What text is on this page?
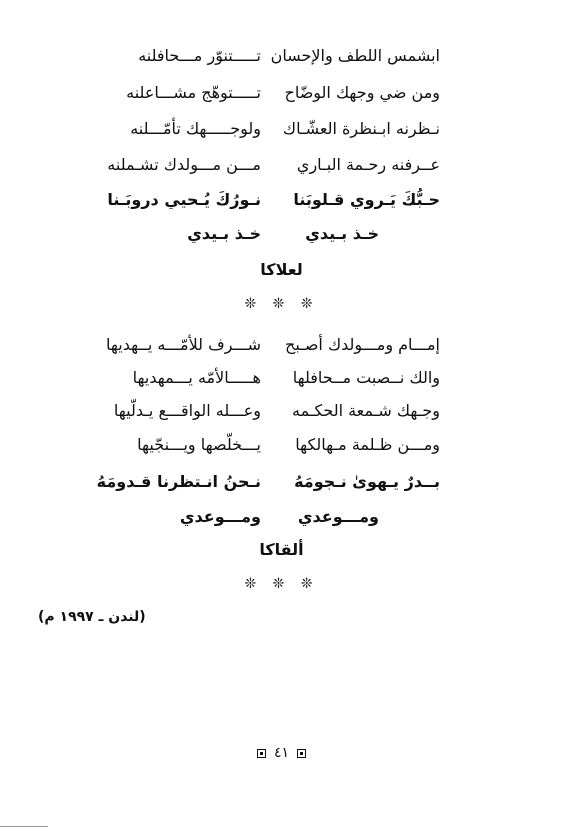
ابشمس اللطف والإحسان
تـــــتنوّر مـــحافلنه
ومن ضي وجهك الوضّاح
تـــــتوهّج مشـــاعلنه
نـظرنه ابـنظرة العشّـاك
ولوجـــــهك تأمّـــلنه
عــرفنه رحـمة البـاري
مـــن مـــولدك تشـملنه
حـبُّكَ يَـروي قـلوبَنا
نـورُكَ يُـحيي دروبَـنا
خـذ بـيدي
خـذ بـيدي
لعلاكا
❊ ❊ ❊
إمـــام ومـــولدك أصـبح
شـــرف للأمّـــه يــهديها
والك نــصبت مــحافلها
هـــــالأمّه يـــمهديها
وجـهك شـمعة الحكـمه
وعـــله الواقـــع يـدلّيها
ومـــن ظـلمة مـهالكها
يـــخلّصها ويـــنجّيها
بــدرٌ يـهوىٰ نـجومَهُ
نـحنُ انـتظرنا قـدومَهُ
ومـــوعدي
ومـــوعدي
ألقاكا
❊ ❊ ❊
(لندن ـ ١٩٩٧ م)
٤١
